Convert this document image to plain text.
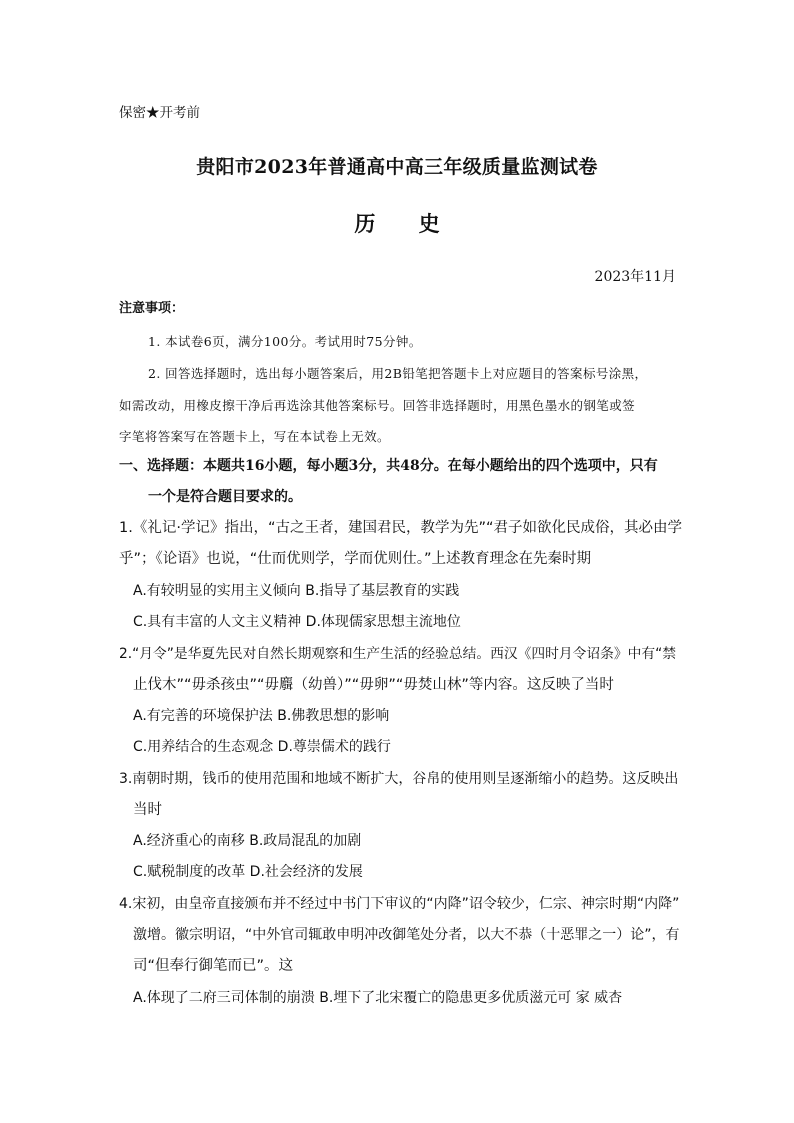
保密★开考前
贵阳市2023年普通高中高三年级质量监测试卷
历 史
2023年11月
注意事项：
1. 本试卷6页，满分100分。考试用时75分钟。
2. 回答选择题时，选出每小题答案后，用2B铅笔把答题卡上对应题目的答案标号涂黑，
如需改动，用橡皮擦干净后再选涂其他答案标号。回答非选择题时，用黑色墨水的钢笔或签
字笔将答案写在答题卡上，写在本试卷上无效。
一、选择题：本题共16小题，每小题3分，共48分。在每小题给出的四个选项中，只有
一个是符合题目要求的。
1.《礼记·学记》指出，“古之王者，建国君民，教学为先”“君子如欲化民成俗，其必由学
乎”；《论语》也说，“仕而优则学，学而优则仕。”上述教育理念在先秦时期
A.有较明显的实用主义倾向 B.指导了基层教育的实践
C.具有丰富的人文主义精神 D.体现儒家思想主流地位
2.“月令”是华夏先民对自然长期观察和生产生活的经验总结。西汉《四时月令诏条》中有“禁
止伐木”“毋杀孩虫”“毋麛（幼兽）”“毋卵”“毋焚山林”等内容。这反映了当时
A.有完善的环境保护法 B.佛教思想的影响
C.用养结合的生态观念 D.尊崇儒术的践行
3.南朝时期，钱币的使用范围和地域不断扩大，谷帛的使用则呈逐渐缩小的趋势。这反映出
当时
A.经济重心的南移 B.政局混乱的加剧
C.赋税制度的改革 D.社会经济的发展
4.宋初，由皇帝直接颁布并不经过中书门下审议的“内降”诏令较少，仁宗、神宗时期“内降”
激增。徽宗明诏，“中外官司辄敢申明冲改御笔处分者，以大不恭（十恶罪之一）论”，有
司“但奉行御笔而已”。这
A.体现了二府三司体制的崩溃 B.埋下了北宋覆亡的隐患更多优质滋元可 家 威杏
